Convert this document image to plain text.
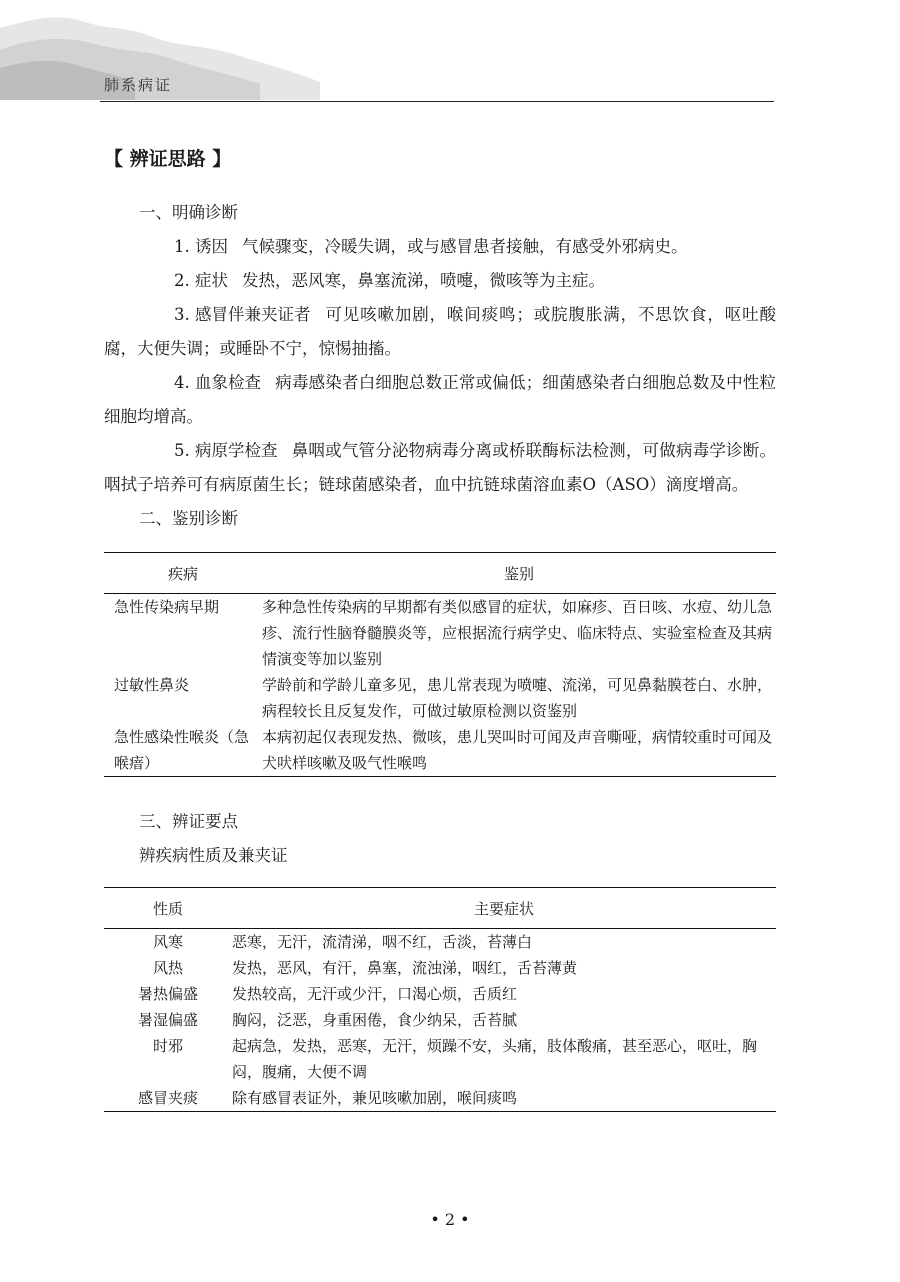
肺系病证
【 辨证思路 】
一、明确诊断

1. 诱因 气候骤变，冷暖失调，或与感冒患者接触，有感受外邪病史。

2. 症状 发热，恶风寒，鼻塞流涕，喷嚏，微咳等为主症。

3. 感冒伴兼夹证者 可见咳嗽加剧，喉间痰鸣；或脘腹胀满，不思饮食，呕吐酸腐，大便失调；或睡卧不宁，惊惕抽搐。

4. 血象检查 病毒感染者白细胞总数正常或偏低；细菌感染者白细胞总数及中性粒细胞均增高。

5. 病原学检查 鼻咽或气管分泌物病毒分离或桥联酶标法检测，可做病毒学诊断。咽拭子培养可有病原菌生长；链球菌感染者，血中抗链球菌溶血素O（ASO）滴度增高。

二、鉴别诊断
疾病	鉴别
急性传染病早期	多种急性传染病的早期都有类似感冒的症状，如麻疹、百日咳、水痘、幼儿急疹、流行性脑脊髓膜炎等，应根据流行病学史、临床特点、实验室检查及其病情演变等加以鉴别
过敏性鼻炎	学龄前和学龄儿童多见，患儿常表现为喷嚏、流涕，可见鼻黏膜苍白、水肿，病程较长且反复发作，可做过敏原检测以资鉴别
急性感染性喉炎（急喉瘖）	本病初起仅表现发热、微咳，患儿哭叫时可闻及声音嘶哑，病情较重时可闻及犬吠样咳嗽及吸气性喉鸣
三、辨证要点
辨疾病性质及兼夹证
性质	主要症状
风寒	恶寒，无汗，流清涕，咽不红，舌淡，苔薄白
风热	发热，恶风，有汗，鼻塞，流浊涕，咽红，舌苔薄黄
暑热偏盛	发热较高，无汗或少汗，口渴心烦，舌质红
暑湿偏盛	胸闷，泛恶，身重困倦，食少纳呆，舌苔腻
时邪	起病急，发热，恶寒，无汗，烦躁不安，头痛，肢体酸痛，甚至恶心，呕吐，胸闷，腹痛，大便不调
感冒夹痰	除有感冒表证外，兼见咳嗽加剧，喉间痰鸣
• 2 •
